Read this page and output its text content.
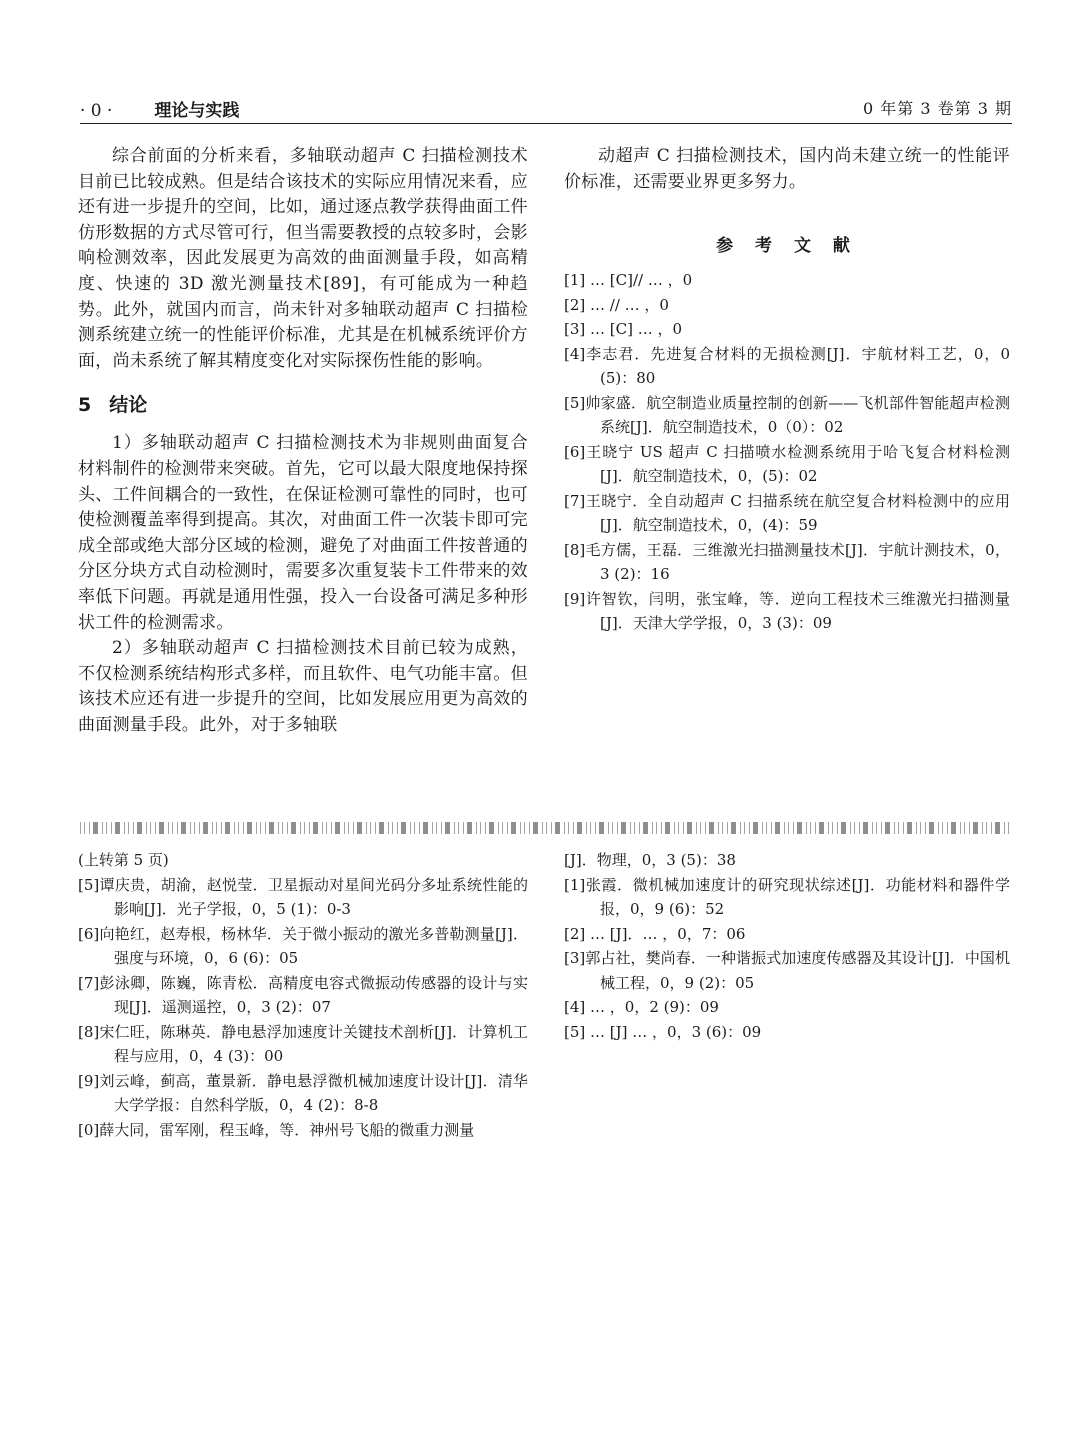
· 0 · 理论与实践	0 年第 3 卷第 3 期

综合前面的分析来看，多轴联动超声 C 扫描检测技术目前已比较成熟。但是结合该技术的实际应用情况来看，应还有进一步提升的空间，比如，通过逐点教学获得曲面工件仿形数据的方式尽管可行，但当需要教授的点较多时，会影响检测效率，因此发展更为高效的曲面测量手段，如高精度、快速的 3D 激光测量技术[89]，有可能成为一种趋势。此外，就国内而言，尚未针对多轴联动超声 C 扫描检测系统建立统一的性能评价标准，尤其是在机械系统评价方面，尚未系统了解其精度变化对实际探伤性能的影响。

5 结论

1）多轴联动超声 C 扫描检测技术为非规则曲面复合材料制件的检测带来突破。首先，它可以最大限度地保持探头、工件间耦合的一致性，在保证检测可靠性的同时，也可使检测覆盖率得到提高。其次，对曲面工件一次装卡即可完成全部或绝大部分区域的检测，避免了对曲面工件按普通的分区分块方式自动检测时，需要多次重复装卡工件带来的效率低下问题。再就是通用性强，投入一台设备可满足多种形状工件的检测需求。

2）多轴联动超声 C 扫描检测技术目前已较为成熟，不仅检测系统结构形式多样，而且软件、电气功能丰富。但该技术应还有进一步提升的空间，比如发展应用更为高效的曲面测量手段。此外，对于多轴联

动超声 C 扫描检测技术，国内尚未建立统一的性能评价标准，还需要业界更多努力。

参 考 文 献

[1] … [C]// … ，0

[2] … // … ，0

[3] … [C] … ，0

[4]李志君．先进复合材料的无损检测[J]．宇航材料工艺，0，0 (5)：80

[5]帅家盛．航空制造业质量控制的创新——飞机部件智能超声检测系统[J]．航空制造技术，0（0）：02

[6]王晓宁 US 超声 C 扫描喷水检测系统用于哈飞复合材料检测[J]．航空制造技术，0，(5)：02

[7]王晓宁．全自动超声 C 扫描系统在航空复合材料检测中的应用[J]．航空制造技术，0，(4)：59

[8]毛方儒，王磊．三维激光扫描测量技术[J]．宇航计测技术，0，3 (2)：16

[9]许智钦，闫明，张宝峰，等．逆向工程技术三维激光扫描测量[J]．天津大学学报，0，3 (3)：09

(上转第 5 页)

[5]谭庆贵，胡渝，赵悦莹．卫星振动对星间光码分多址系统性能的影响[J]．光子学报，0，5 (1)：0-3

[6]向艳红，赵寿根，杨林华．关于微小振动的激光多普勒测量[J]．强度与环境，0，6 (6)：05

[7]彭泳卿，陈巍，陈青松．高精度电容式微振动传感器的设计与实现[J]．遥测遥控，0，3 (2)：07

[8]宋仁旺，陈琳英．静电悬浮加速度计关键技术剖析[J]．计算机工程与应用，0，4 (3)：00

[9]刘云峰，蓟高，董景新．静电悬浮微机械加速度计设计[J]．清华大学学报：自然科学版，0，4 (2)：8-8

[0]薛大同，雷军刚，程玉峰，等．神州号飞船的微重力测量

[J]．物理，0，3 (5)：38

[1]张霞．微机械加速度计的研究现状综述[J]．功能材料和器件学报，0，9 (6)：52

[2] … [J]．… ，0，7：06

[3]郭占社，樊尚春．一种谐振式加速度传感器及其设计[J]．中国机械工程，0，9 (2)：05

[4] … ，0，2 (9)：09

[5] … [J] … ，0，3 (6)：09
